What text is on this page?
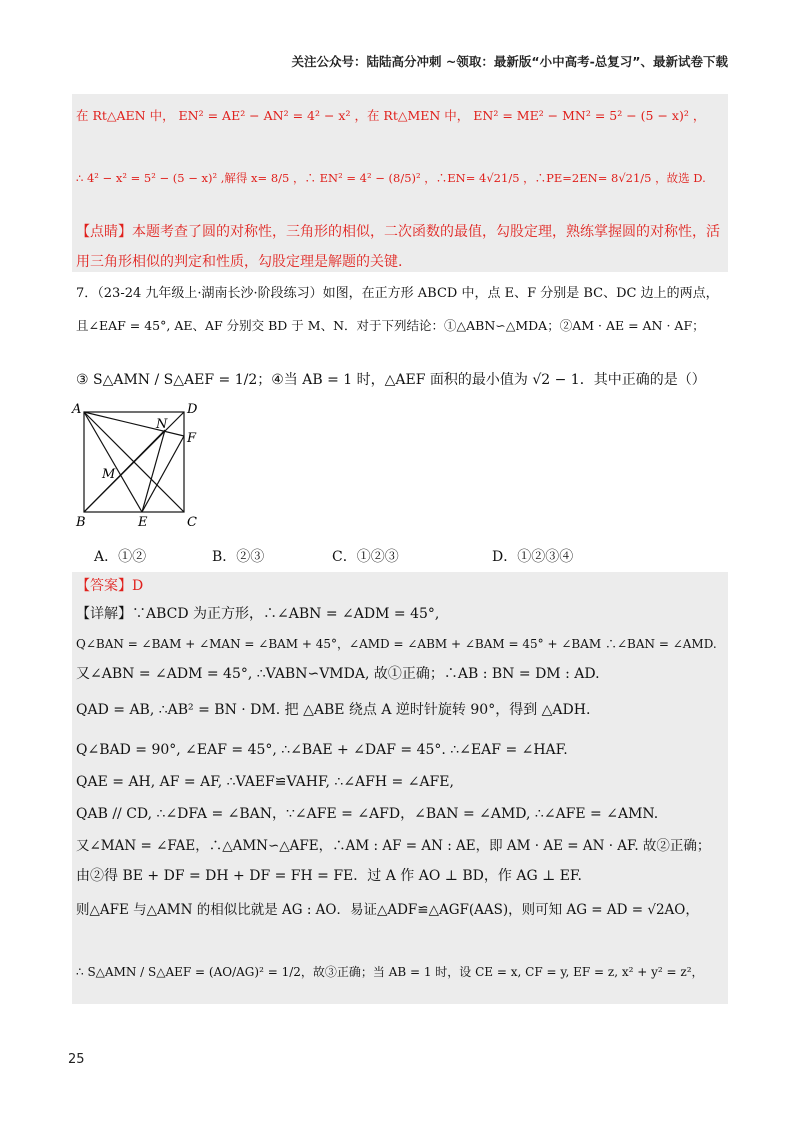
关注公众号：陆陆高分冲刺 ~领取：最新版“小中高考-总复习”、最新试卷下载
在 Rt△AEN 中， EN² = AE² − AN² = 4² − x² ，在 Rt△MEN 中， EN² = ME² − MN² = 5² − (5 − x)² ，
∴ 4² − x² = 5² − (5 − x)² ,解得 x= 8/5 ，∴ EN² = 4² − (8/5)² ，∴EN= 4√21/5 ，∴PE=2EN= 8√21/5 ，故选 D.
【点睛】本题考查了圆的对称性，三角形的相似，二次函数的最值，勾股定理，熟练掌握圆的对称性，活
用三角形相似的判定和性质，勾股定理是解题的关键.
7．（23-24 九年级上·湖南长沙·阶段练习）如图，在正方形 ABCD 中，点 E、F 分别是 BC、DC 边上的两点，
且∠EAF = 45°, AE、AF 分别交 BD 于 M、N．对于下列结论：①△ABN∽△MDA；②AM · AE = AN · AF；
③ S△AMN / S△AEF = 1/2；④当 AB = 1 时，△AEF 面积的最小值为 √2 − 1．其中正确的是（）
A	D
N
F
M
B	E	C
A．①②	B．②③	C．①②③	D．①②③④
【答案】D
【详解】∵ABCD 为正方形，∴∠ABN = ∠ADM = 45°,
Q∠BAN = ∠BAM + ∠MAN = ∠BAM + 45°，∠AMD = ∠ABM + ∠BAM = 45° + ∠BAM ∴∠BAN = ∠AMD.
又∠ABN = ∠ADM = 45°, ∴VABN∽VMDA, 故①正确；∴AB : BN = DM : AD.
QAD = AB, ∴AB² = BN · DM. 把 △ABE 绕点 A 逆时针旋转 90°，得到 △ADH.
Q∠BAD = 90°, ∠EAF = 45°, ∴∠BAE + ∠DAF = 45°. ∴∠EAF = ∠HAF.
QAE = AH, AF = AF, ∴VAEF≌VAHF, ∴∠AFH = ∠AFE,
QAB // CD, ∴∠DFA = ∠BAN，∵∠AFE = ∠AFD，∠BAN = ∠AMD, ∴∠AFE = ∠AMN.
又∠MAN = ∠FAE，∴△AMN∽△AFE，∴AM : AF = AN : AE，即 AM · AE = AN · AF. 故②正确；
由②得 BE + DF = DH + DF = FH = FE．过 A 作 AO ⊥ BD，作 AG ⊥ EF.
则△AFE 与△AMN 的相似比就是 AG : AO．易证△ADF≌△AGF(AAS)，则可知 AG = AD = √2AO，
∴ S△AMN / S△AEF = (AO/AG)² = 1/2，故③正确；当 AB = 1 时，设 CE = x, CF = y, EF = z, x² + y² = z²，
25
